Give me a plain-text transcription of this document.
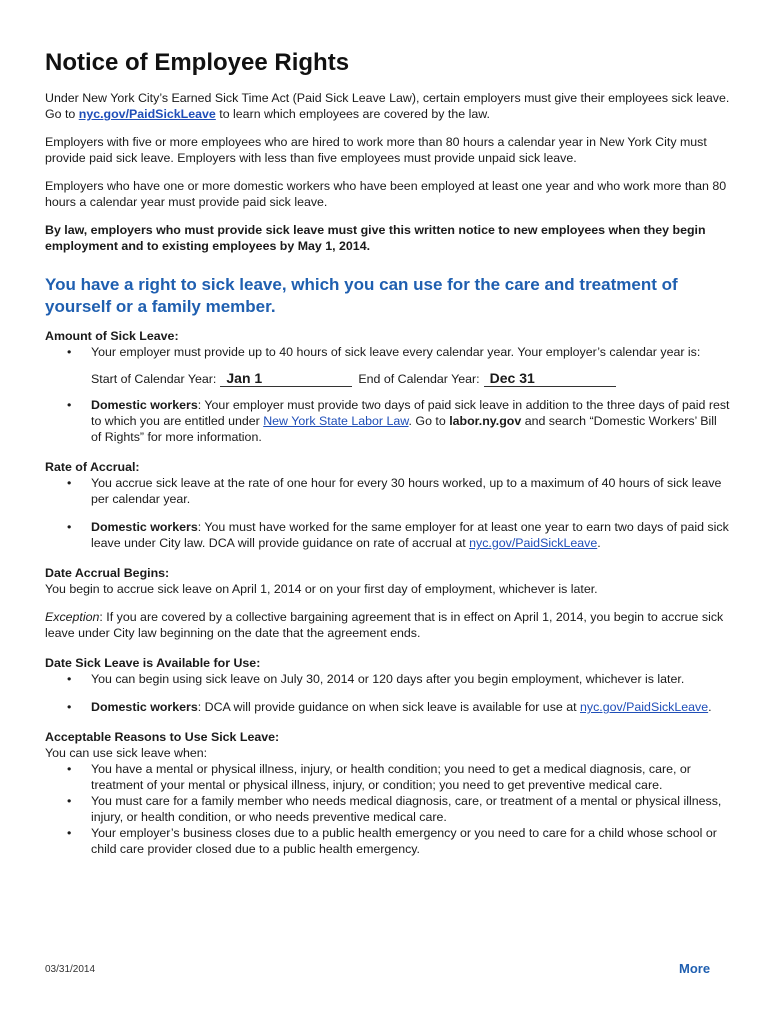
Notice of Employee Rights

Under New York City’s Earned Sick Time Act (Paid Sick Leave Law), certain employers must give their employees sick leave. Go to nyc.gov/PaidSickLeave to learn which employees are covered by the law.

Employers with five or more employees who are hired to work more than 80 hours a calendar year in New York City must provide paid sick leave. Employers with less than five employees must provide unpaid sick leave.

Employers who have one or more domestic workers who have been employed at least one year and who work more than 80 hours a calendar year must provide paid sick leave.

By law, employers who must provide sick leave must give this written notice to new employees when they begin employment and to existing employees by May 1, 2014.

You have a right to sick leave, which you can use for the care and treatment of yourself or a family member.
Amount of Sick Leave:
• Your employer must provide up to 40 hours of sick leave every calendar year. Your employer’s calendar year is:
Start of Calendar Year: Jan 1	End of Calendar Year: Dec 31
• Domestic workers: Your employer must provide two days of paid sick leave in addition to the three days of paid rest to which you are entitled under New York State Labor Law. Go to labor.ny.gov and search “Domestic Workers’ Bill of Rights” for more information.
Rate of Accrual:
• You accrue sick leave at the rate of one hour for every 30 hours worked, up to a maximum of 40 hours of sick leave per calendar year.
• Domestic workers: You must have worked for the same employer for at least one year to earn two days of paid sick leave under City law. DCA will provide guidance on rate of accrual at nyc.gov/PaidSickLeave.
Date Accrual Begins:

You begin to accrue sick leave on April 1, 2014 or on your first day of employment, whichever is later.

Exception: If you are covered by a collective bargaining agreement that is in effect on April 1, 2014, you begin to accrue sick leave under City law beginning on the date that the agreement ends.

Date Sick Leave is Available for Use:
• You can begin using sick leave on July 30, 2014 or 120 days after you begin employment, whichever is later.
• Domestic workers: DCA will provide guidance on when sick leave is available for use at nyc.gov/PaidSickLeave.
Acceptable Reasons to Use Sick Leave:
You can use sick leave when:
• You have a mental or physical illness, injury, or health condition; you need to get a medical diagnosis, care, or treatment of your mental or physical illness, injury, or condition; you need to get preventive medical care.
• You must care for a family member who needs medical diagnosis, care, or treatment of a mental or physical illness, injury, or health condition, or who needs preventive medical care.
• Your employer’s business closes due to a public health emergency or you need to care for a child whose school or child care provider closed due to a public health emergency.
03/31/2014	More
